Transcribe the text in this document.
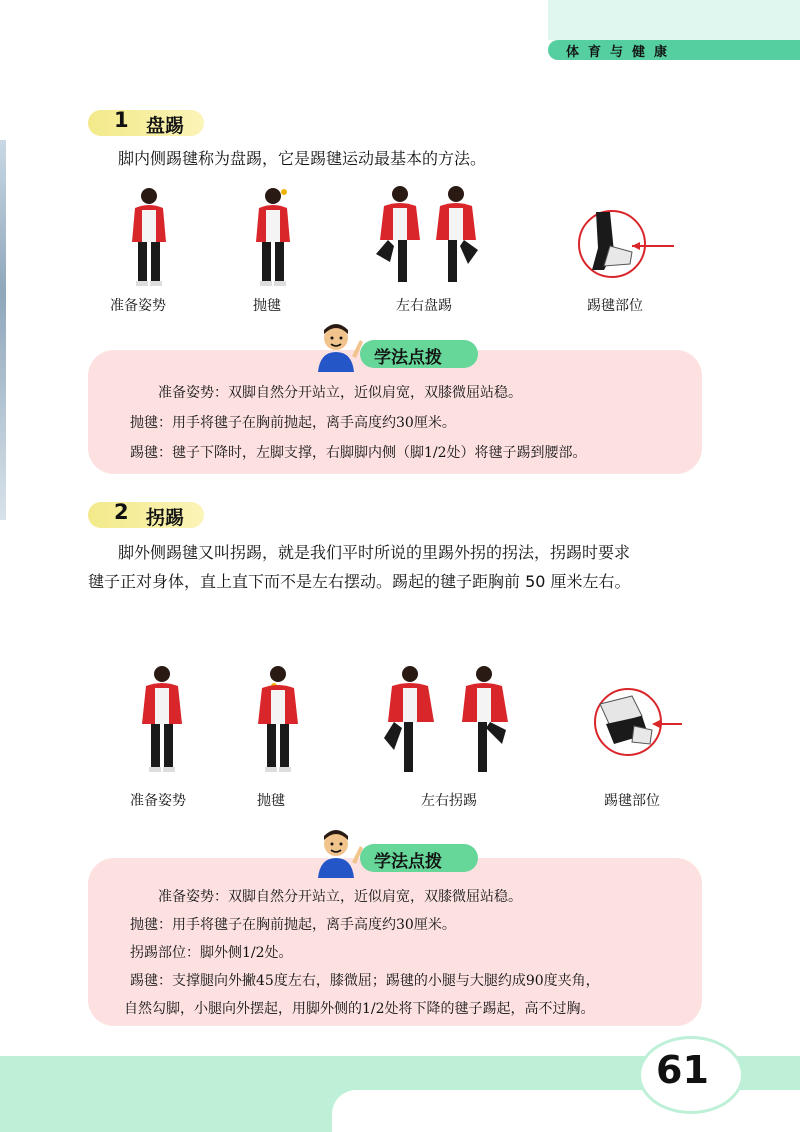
体育与健康
1 盘踢
脚内侧踢毽称为盘踢，它是踢毽运动最基本的方法。
准备姿势	抛毽	左右盘踢	踢毽部位
学法点拨
准备姿势：双脚自然分开站立，近似肩宽，双膝微屈站稳。
抛毽：用手将毽子在胸前抛起，离手高度约30厘米。
踢毽：毽子下降时，左脚支撑，右脚脚内侧（脚1/2处）将毽子踢到腰部。
2 拐踢
脚外侧踢毽又叫拐踢，就是我们平时所说的里踢外拐的拐法，拐踢时要求
毽子正对身体，直上直下而不是左右摆动。踢起的毽子距胸前 50 厘米左右。
准备姿势	抛毽	左右拐踢	踢毽部位
学法点拨
准备姿势：双脚自然分开站立，近似肩宽，双膝微屈站稳。
抛毽：用手将毽子在胸前抛起，离手高度约30厘米。
拐踢部位：脚外侧1/2处。
踢毽：支撑腿向外撇45度左右，膝微屈；踢毽的小腿与大腿约成90度夹角，
自然勾脚，小腿向外摆起，用脚外侧的1/2处将下降的毽子踢起，高不过胸。
61
